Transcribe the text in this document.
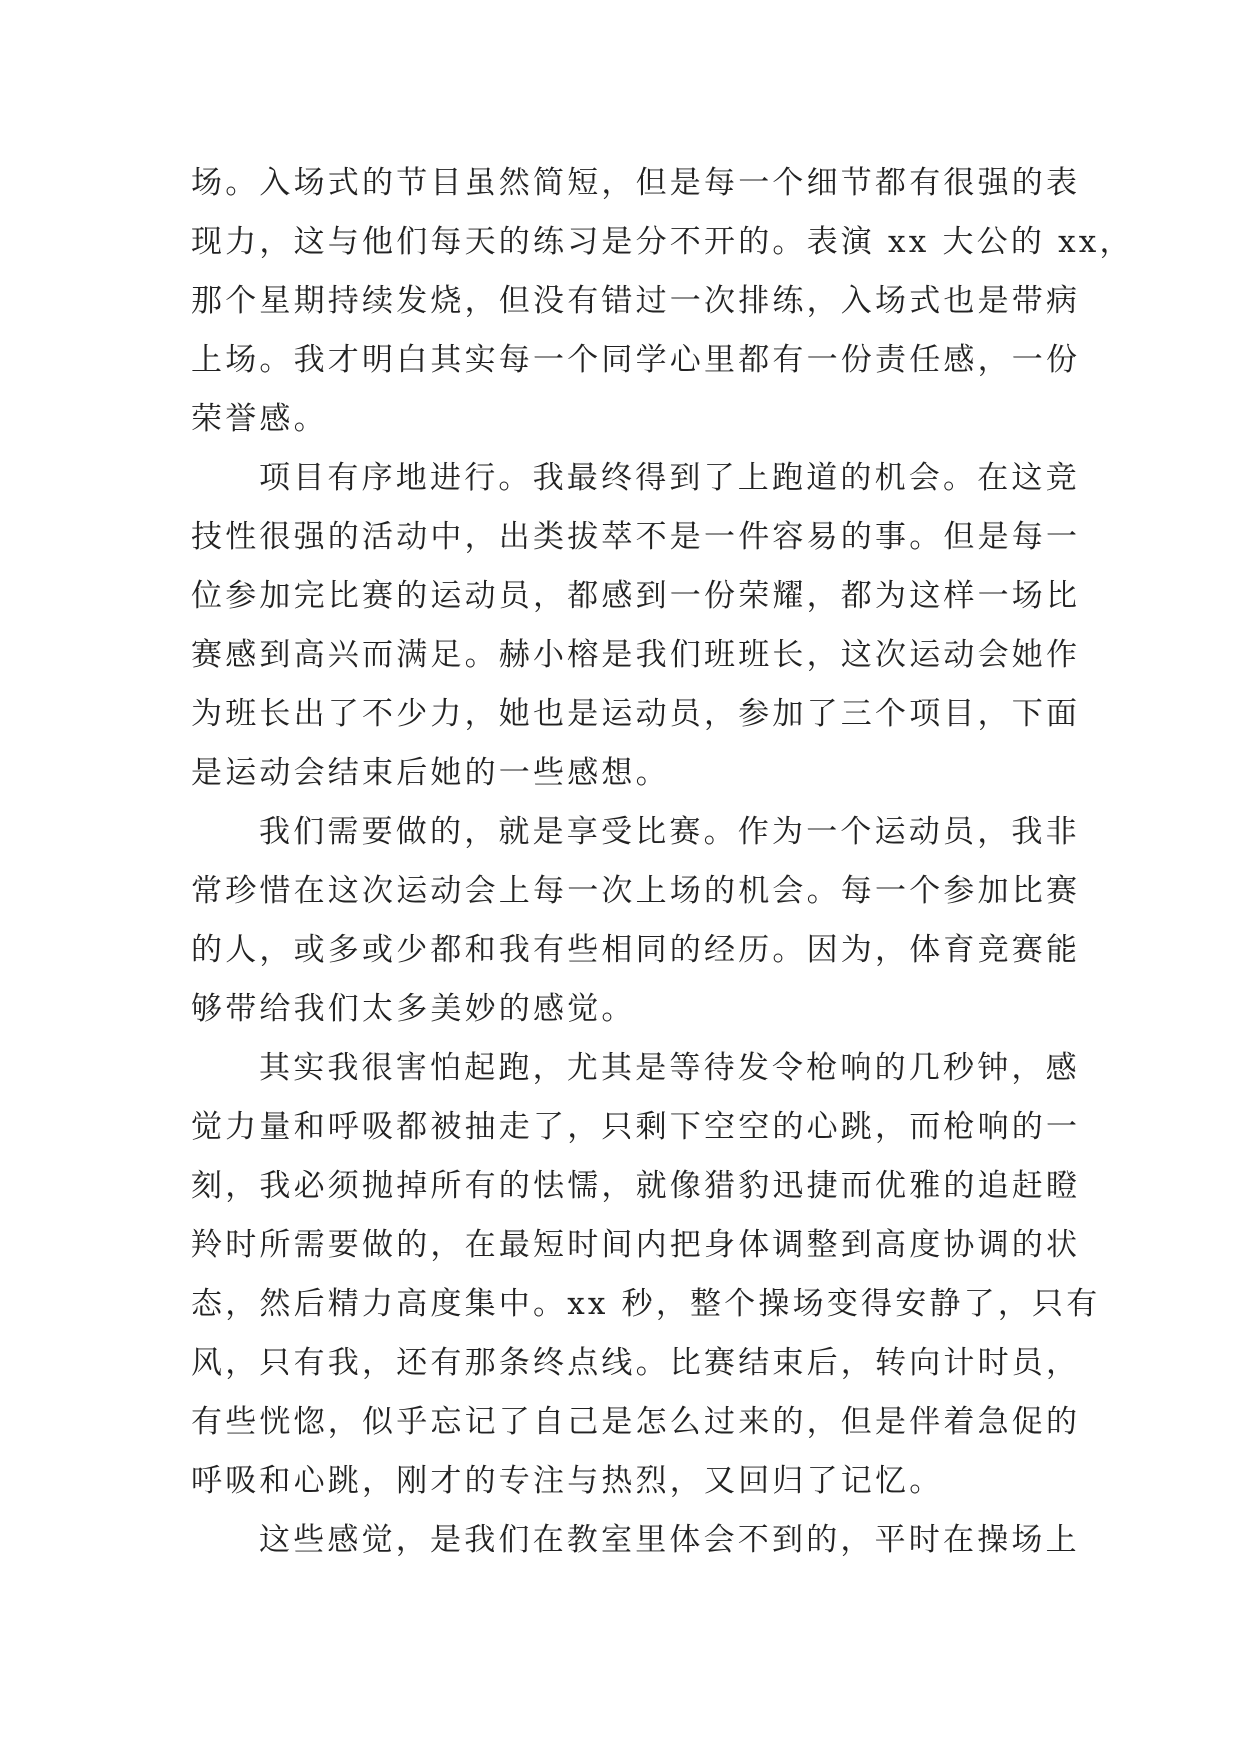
场。入场式的节目虽然简短，但是每一个细节都有很强的表
现力，这与他们每天的练习是分不开的。表演 xx 大公的 xx，
那个星期持续发烧，但没有错过一次排练，入场式也是带病
上场。我才明白其实每一个同学心里都有一份责任感，一份
荣誉感。
项目有序地进行。我最终得到了上跑道的机会。在这竞
技性很强的活动中，出类拔萃不是一件容易的事。但是每一
位参加完比赛的运动员，都感到一份荣耀，都为这样一场比
赛感到高兴而满足。赫小榕是我们班班长，这次运动会她作
为班长出了不少力，她也是运动员，参加了三个项目，下面
是运动会结束后她的一些感想。
我们需要做的，就是享受比赛。作为一个运动员，我非
常珍惜在这次运动会上每一次上场的机会。每一个参加比赛
的人，或多或少都和我有些相同的经历。因为，体育竞赛能
够带给我们太多美妙的感觉。
其实我很害怕起跑，尤其是等待发令枪响的几秒钟，感
觉力量和呼吸都被抽走了，只剩下空空的心跳，而枪响的一
刻，我必须抛掉所有的怯懦，就像猎豹迅捷而优雅的追赶瞪
羚时所需要做的，在最短时间内把身体调整到高度协调的状
态，然后精力高度集中。xx 秒，整个操场变得安静了，只有
风，只有我，还有那条终点线。比赛结束后，转向计时员，
有些恍惚，似乎忘记了自己是怎么过来的，但是伴着急促的
呼吸和心跳，刚才的专注与热烈，又回归了记忆。
这些感觉，是我们在教室里体会不到的，平时在操场上
